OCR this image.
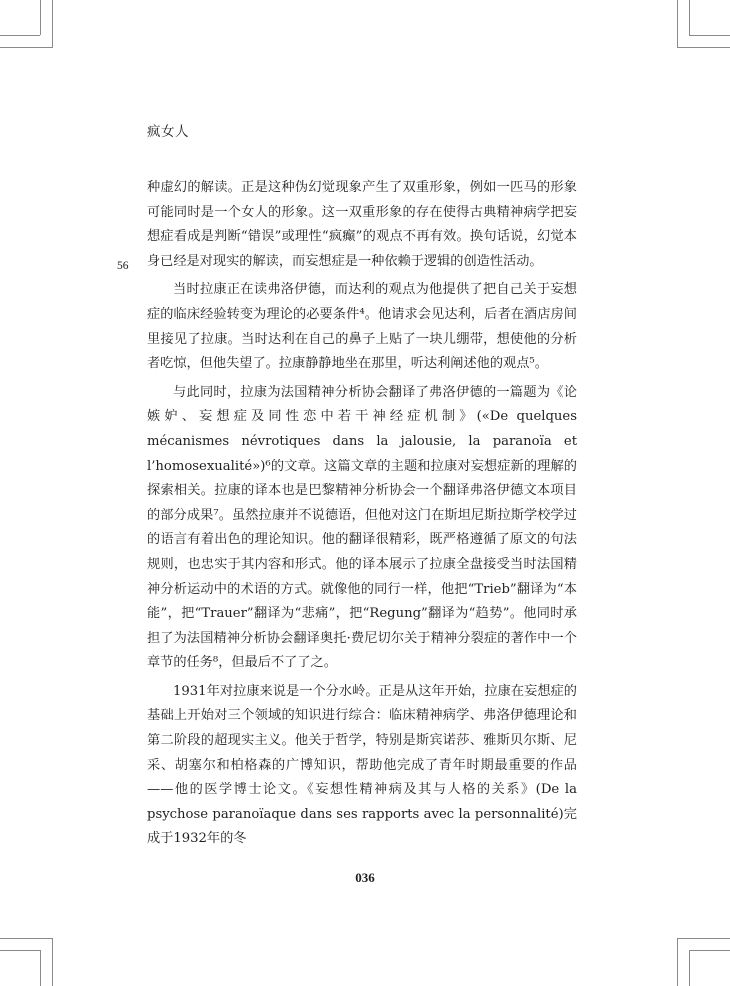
疯女人
56

种虚幻的解读。正是这种伪幻觉现象产生了双重形象，例如一匹马的形象可能同时是一个女人的形象。这一双重形象的存在使得古典精神病学把妄想症看成是判断“错误”或理性“疯癫”的观点不再有效。换句话说，幻觉本身已经是对现实的解读，而妄想症是一种依赖于逻辑的创造性活动。

当时拉康正在读弗洛伊德，而达利的观点为他提供了把自己关于妄想症的临床经验转变为理论的必要条件⁴。他请求会见达利，后者在酒店房间里接见了拉康。当时达利在自己的鼻子上贴了一块儿绷带，想使他的分析者吃惊，但他失望了。拉康静静地坐在那里，听达利阐述他的观点⁵。

与此同时，拉康为法国精神分析协会翻译了弗洛伊德的一篇题为《论嫉妒、妄想症及同性恋中若干神经症机制》(«De quelques mécanismes névrotiques dans la jalousie, la paranoïa et l’homosexualité»)⁶的文章。这篇文章的主题和拉康对妄想症新的理解的探索相关。拉康的译本也是巴黎精神分析协会一个翻译弗洛伊德文本项目的部分成果⁷。虽然拉康并不说德语，但他对这门在斯坦尼斯拉斯学校学过的语言有着出色的理论知识。他的翻译很精彩，既严格遵循了原文的句法规则，也忠实于其内容和形式。他的译本展示了拉康全盘接受当时法国精神分析运动中的术语的方式。就像他的同行一样，他把“Trieb”翻译为“本能”，把“Trauer”翻译为“悲痛”，把“Regung”翻译为“趋势”。他同时承担了为法国精神分析协会翻译奥托·费尼切尔关于精神分裂症的著作中一个章节的任务⁸，但最后不了了之。

1931年对拉康来说是一个分水岭。正是从这年开始，拉康在妄想症的基础上开始对三个领域的知识进行综合：临床精神病学、弗洛伊德理论和第二阶段的超现实主义。他关于哲学，特别是斯宾诺莎、雅斯贝尔斯、尼采、胡塞尔和柏格森的广博知识，帮助他完成了青年时期最重要的作品——他的医学博士论文。《妄想性精神病及其与人格的关系》(De la psychose paranoïaque dans ses rapports avec la personnalité)完成于1932年的冬

036
